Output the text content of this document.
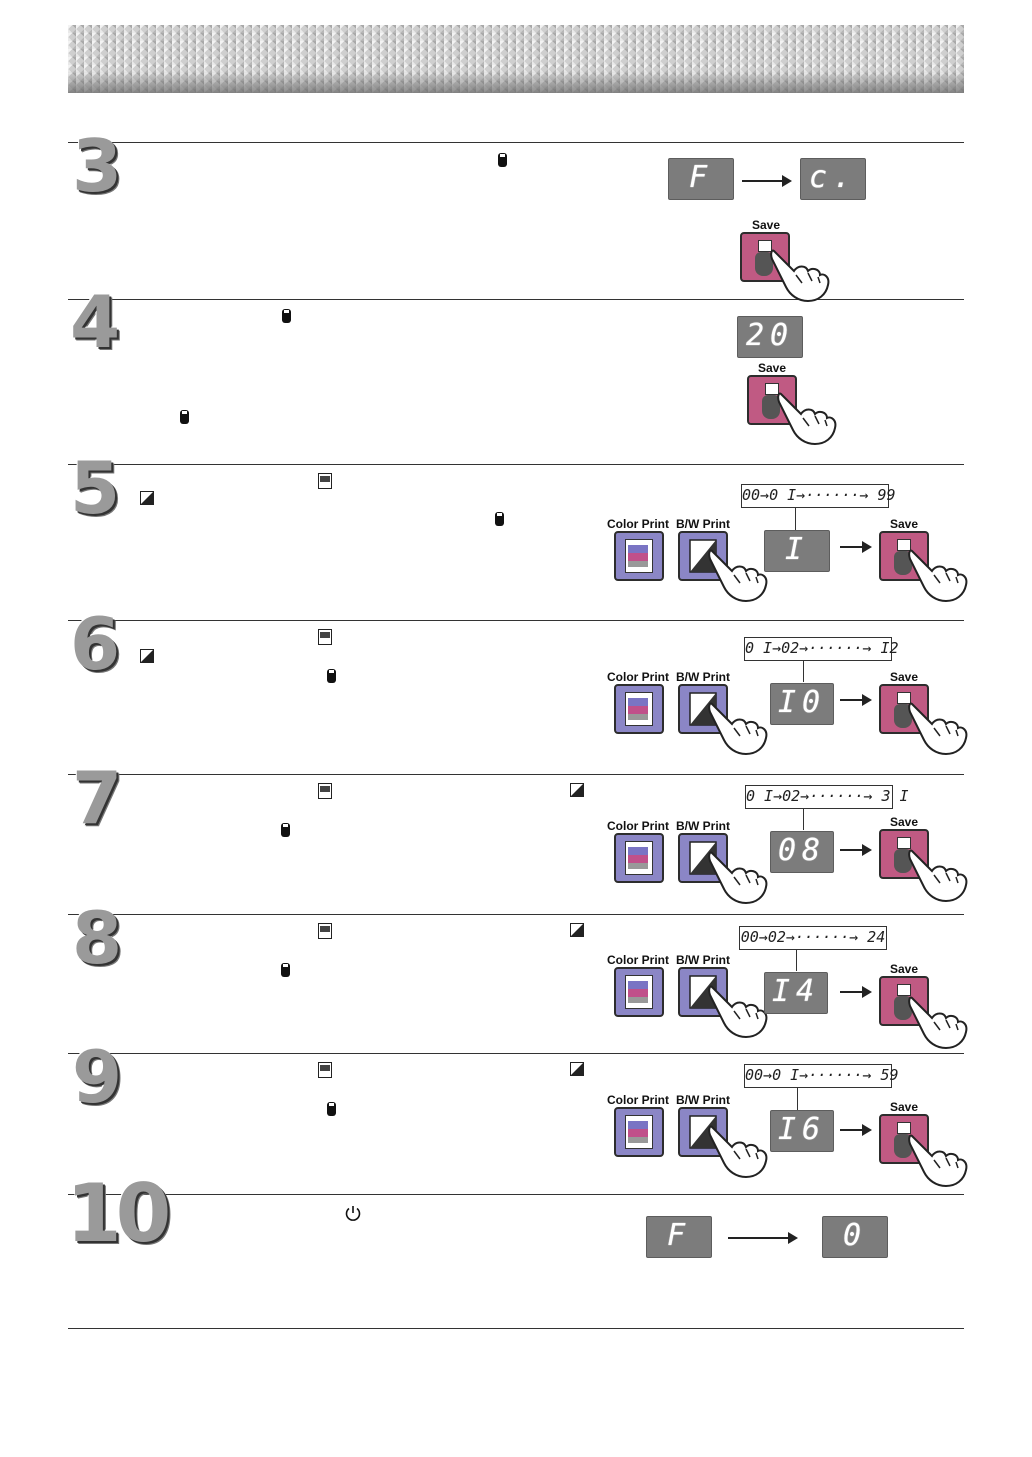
3	F I
c. I
Save
4	20
Save
5	00→0 I→······→ 99
Color Print B/W Print
I I
Save
6	0 I→02→······→ I2
Color Print B/W Print
I0
Save
7	0 I→02→······→ 3 I
Color Print B/W Print
08
Save
8	00→02→······→ 24
Color Print B/W Print
I4
Save
9	00→0 I→······→ 59
Color Print B/W Print
I6
Save
10	F I
0 I
